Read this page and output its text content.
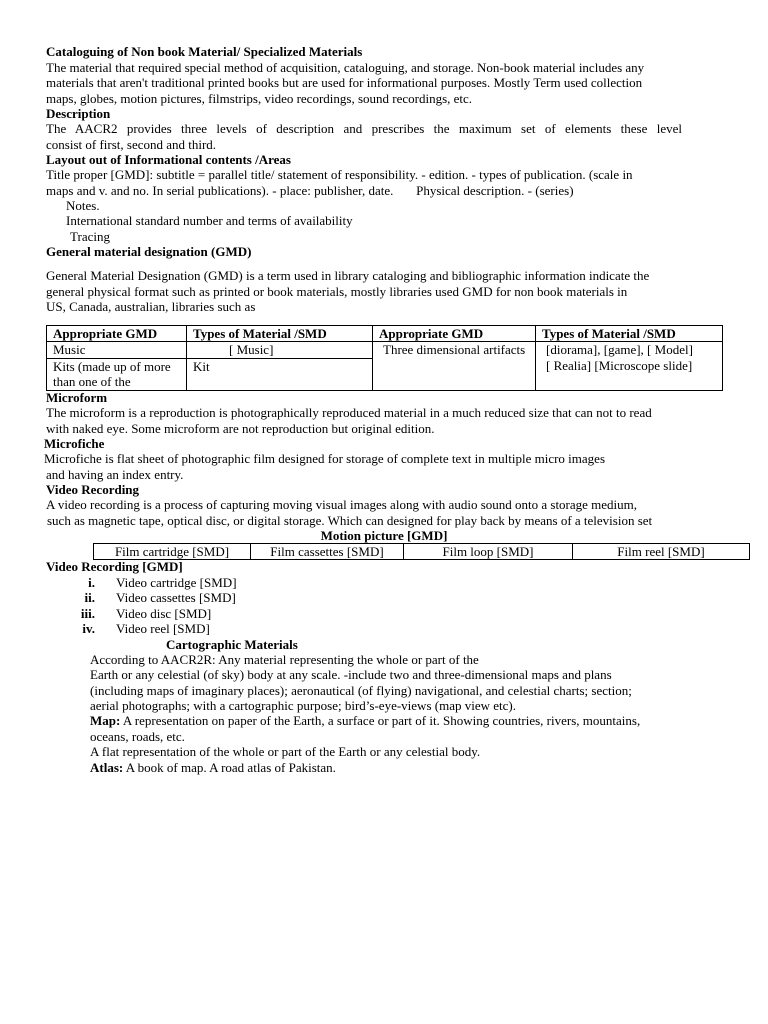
Cataloguing of Non book Material/ Specialized Materials
The material that required special method of acquisition, cataloguing, and storage. Non-book material includes any
materials that aren't traditional printed books but are used for informational purposes. Mostly Term used collection
maps, globes, motion pictures, filmstrips, video recordings, sound recordings, etc.
Description
The AACR2 provides three levels of description and prescribes the maximum set of elements these level
consist of first, second and third.
Layout out of Informational contents /Areas
Title proper [GMD]: subtitle = parallel title/ statement of responsibility. - edition. - types of publication. (scale in
maps and v. and no. In serial publications). - place: publisher, date.       Physical description. - (series)
Notes.
International standard number and terms of availability
Tracing
General material designation (GMD)
General Material Designation (GMD) is a term used in library cataloging and bibliographic information indicate the
general physical format such as printed or book materials, mostly libraries used GMD for non book materials in
US, Canada, australian, libraries such as
Appropriate GMD	Types of Material /SMD	Appropriate GMD	Types of Material /SMD
Music	[ Music]	Three dimensional artifacts	[diorama], [game], [ Model]
[ Realia] [Microscope slide]

Kits (made up of more than one of the	Kit		
Microform
The microform is a reproduction is photographically reproduced material in a much reduced size that can not to read
with naked eye. Some microform are not reproduction but original edition.
Microfiche
Microfiche is flat sheet of photographic film designed for storage of complete text in multiple micro images
and having an index entry.
Video Recording
A video recording is a process of capturing moving visual images along with audio sound onto a storage medium,
such as magnetic tape, optical disc, or digital storage. Which can designed for play back by means of a television set
Motion picture [GMD]
Film cartridge [SMD]	Film cassettes [SMD]	Film loop [SMD]	Film reel [SMD]
Video Recording [GMD]
i. Video cartridge [SMD]
ii. Video cassettes [SMD]
iii. Video disc [SMD]
iv. Video reel [SMD]
Cartographic Materials
According to AACR2R: Any material representing the whole or part of the
Earth or any celestial (of sky) body at any scale. -include two and three-dimensional maps and plans
(including maps of imaginary places); aeronautical (of flying) navigational, and celestial charts; section;
aerial photographs; with a cartographic purpose; bird’s-eye-views (map view etc).
Map: A representation on paper of the Earth, a surface or part of it. Showing countries, rivers, mountains,
oceans, roads, etc.
A flat representation of the whole or part of the Earth or any celestial body.
Atlas: A book of map. A road atlas of Pakistan.
